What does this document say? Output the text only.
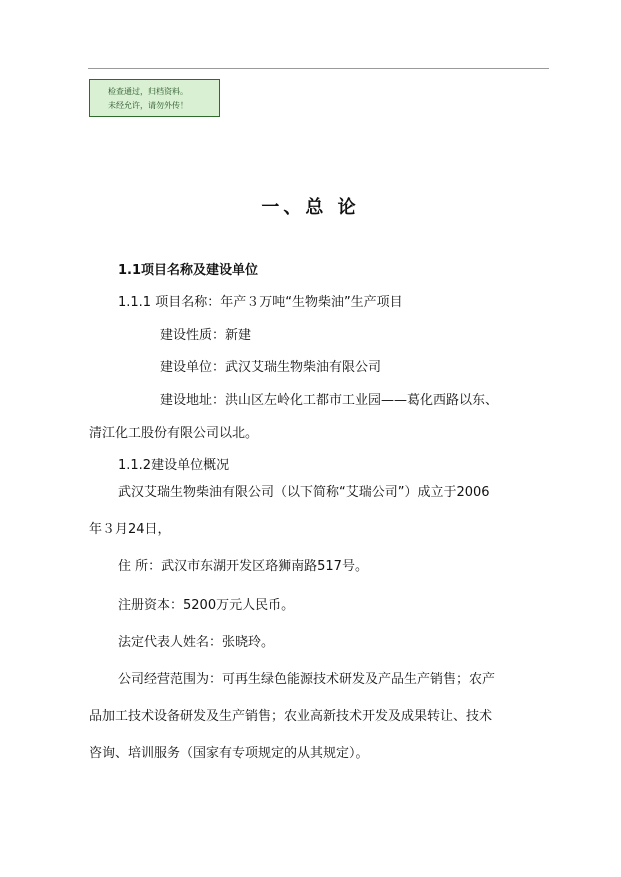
检查通过，归档资料。
未经允许，请勿外传！
一、总 论
1.1项目名称及建设单位
1.1.1 项目名称：年产３万吨“生物柴油”生产项目
建设性质：新建
建设单位：武汉艾瑞生物柴油有限公司
建设地址：洪山区左岭化工都市工业园——葛化西路以东、
清江化工股份有限公司以北。
1.1.2建设单位概况
武汉艾瑞生物柴油有限公司（以下简称“艾瑞公司”）成立于2006
年３月24日，
住 所：武汉市东湖开发区珞狮南路517号。
注册资本：5200万元人民币。
法定代表人姓名：张晓玲。
公司经营范围为：可再生绿色能源技术研发及产品生产销售；农产
品加工技术设备研发及生产销售；农业高新技术开发及成果转让、技术
咨询、培训服务（国家有专项规定的从其规定）。
